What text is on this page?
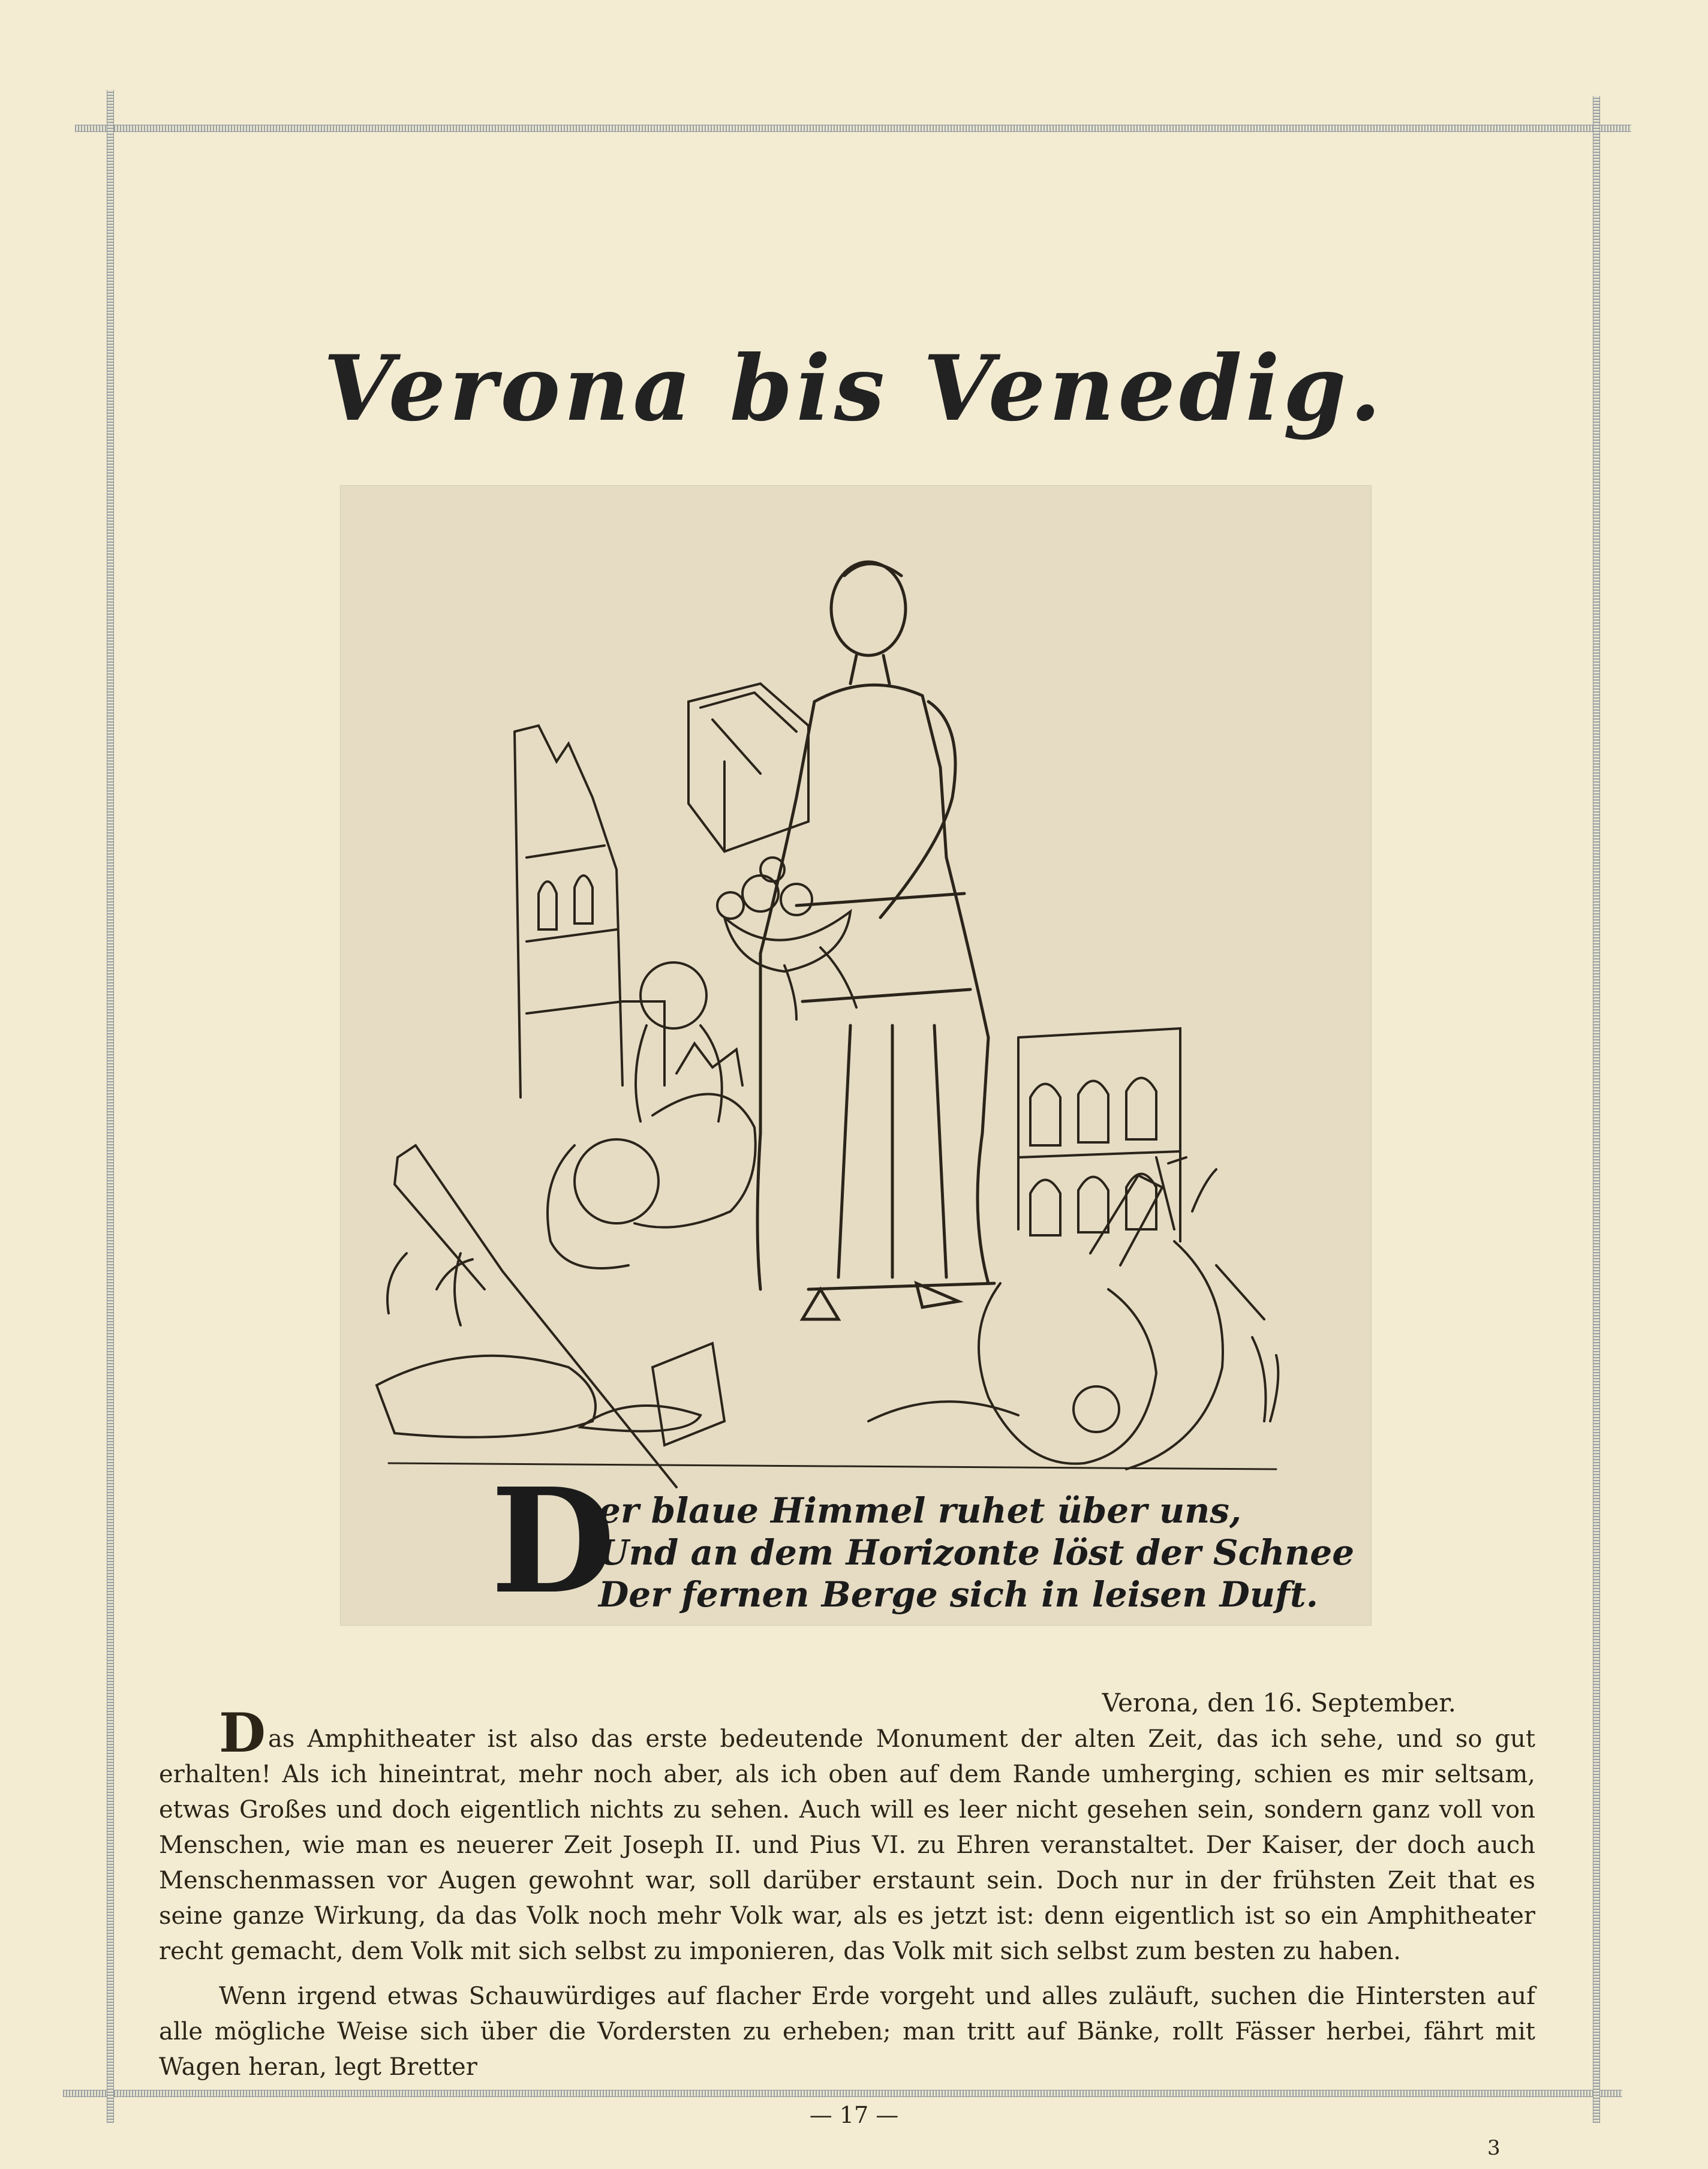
Verona bis Venedig.
D
er blaue Himmel ruhet über uns,
Und an dem Horizonte löst der Schnee
Der fernen Berge sich in leisen Duft.
Verona, den 16. September.
Das Amphitheater ist also das erste bedeutende Monument der alten Zeit, das ich sehe, und so gut erhalten! Als ich hineintrat, mehr noch aber, als ich oben auf dem Rande umherging, schien es mir seltsam, etwas Großes und doch eigentlich nichts zu sehen. Auch will es leer nicht gesehen sein, sondern ganz voll von Menschen, wie man es neuerer Zeit Joseph II. und Pius VI. zu Ehren veranstaltet. Der Kaiser, der doch auch Menschenmassen vor Augen gewohnt war, soll darüber erstaunt sein. Doch nur in der frühsten Zeit that es seine ganze Wirkung, da das Volk noch mehr Volk war, als es jetzt ist: denn eigentlich ist so ein Amphitheater recht gemacht, dem Volk mit sich selbst zu imponieren, das Volk mit sich selbst zum besten zu haben.
Wenn irgend etwas Schauwürdiges auf flacher Erde vorgeht und alles zuläuft, suchen die Hintersten auf alle mögliche Weise sich über die Vordersten zu erheben; man tritt auf Bänke, rollt Fässer herbei, fährt mit Wagen heran, legt Bretter
— 17 —
3
